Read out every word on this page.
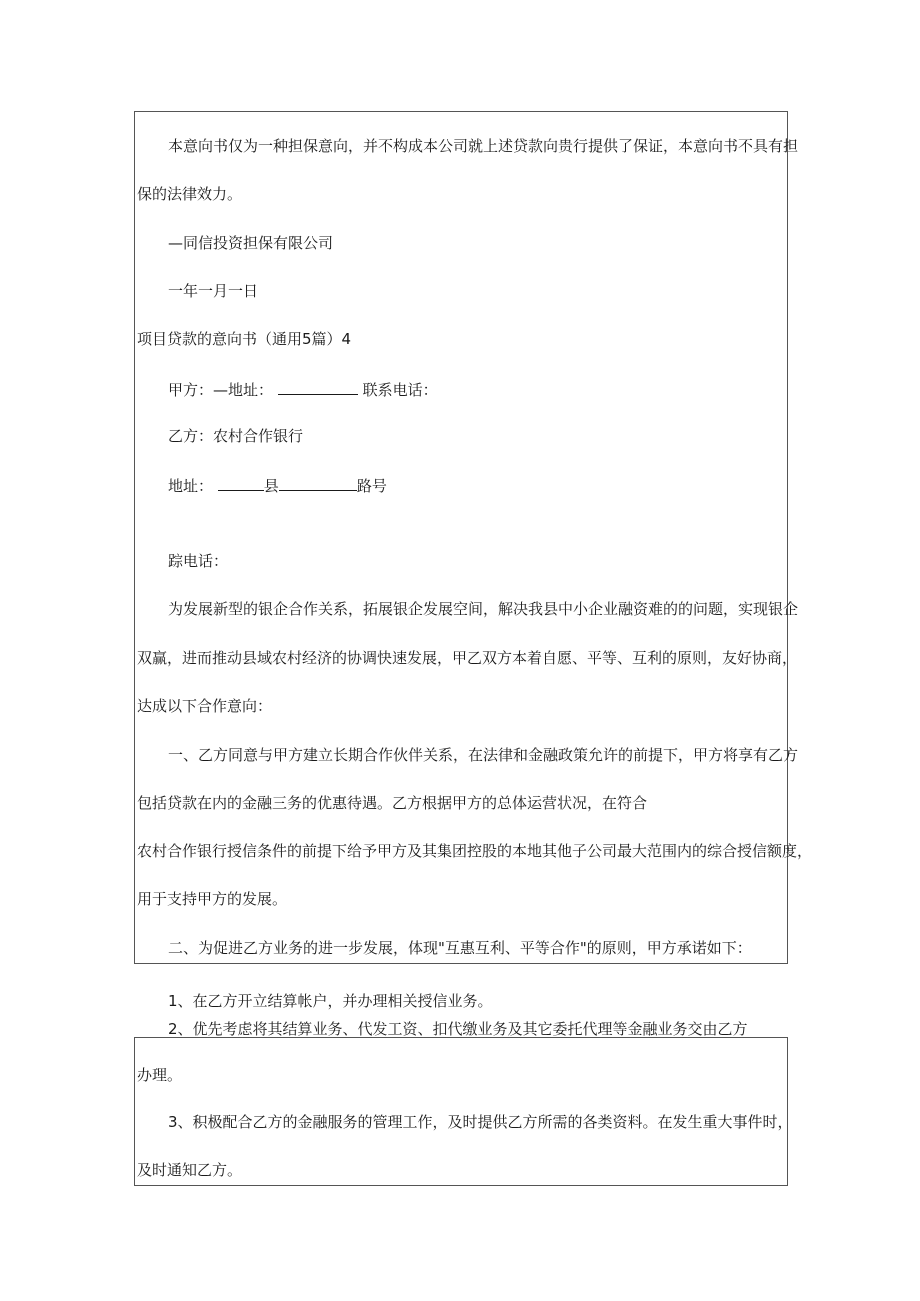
本意向书仅为一种担保意向，并不构成本公司就上述贷款向贵行提供了保证，本意向书不具有担
保的法律效力。
—同信投资担保有限公司
一年一月一日
项目贷款的意向书（通用5篇）4
甲方：—地址：	联系电话：
乙方：农村合作银行
地址：	县	路号
踪电话：
为发展新型的银企合作关系，拓展银企发展空间，解决我县中小企业融资难的的问题，实现银企
双赢，进而推动县域农村经济的协调快速发展，甲乙双方本着自愿、平等、互利的原则，友好协商，
达成以下合作意向：
一、乙方同意与甲方建立长期合作伙伴关系，在法律和金融政策允许的前提下，甲方将享有乙方
包括贷款在内的金融三务的优惠待遇。乙方根据甲方的总体运营状况，在符合
农村合作银行授信条件的前提下给予甲方及其集团控股的本地其他子公司最大范围内的综合授信额度，
用于支持甲方的发展。
二、为促进乙方业务的进一步发展，体现"互惠互利、平等合作"的原则，甲方承诺如下：
1、在乙方开立结算帐户，并办理相关授信业务。
2、优先考虑将其结算业务、代发工资、扣代缴业务及其它委托代理等金融业务交由乙方
办理。
3、积极配合乙方的金融服务的管理工作，及时提供乙方所需的各类资料。在发生重大事件时，
及时通知乙方。
